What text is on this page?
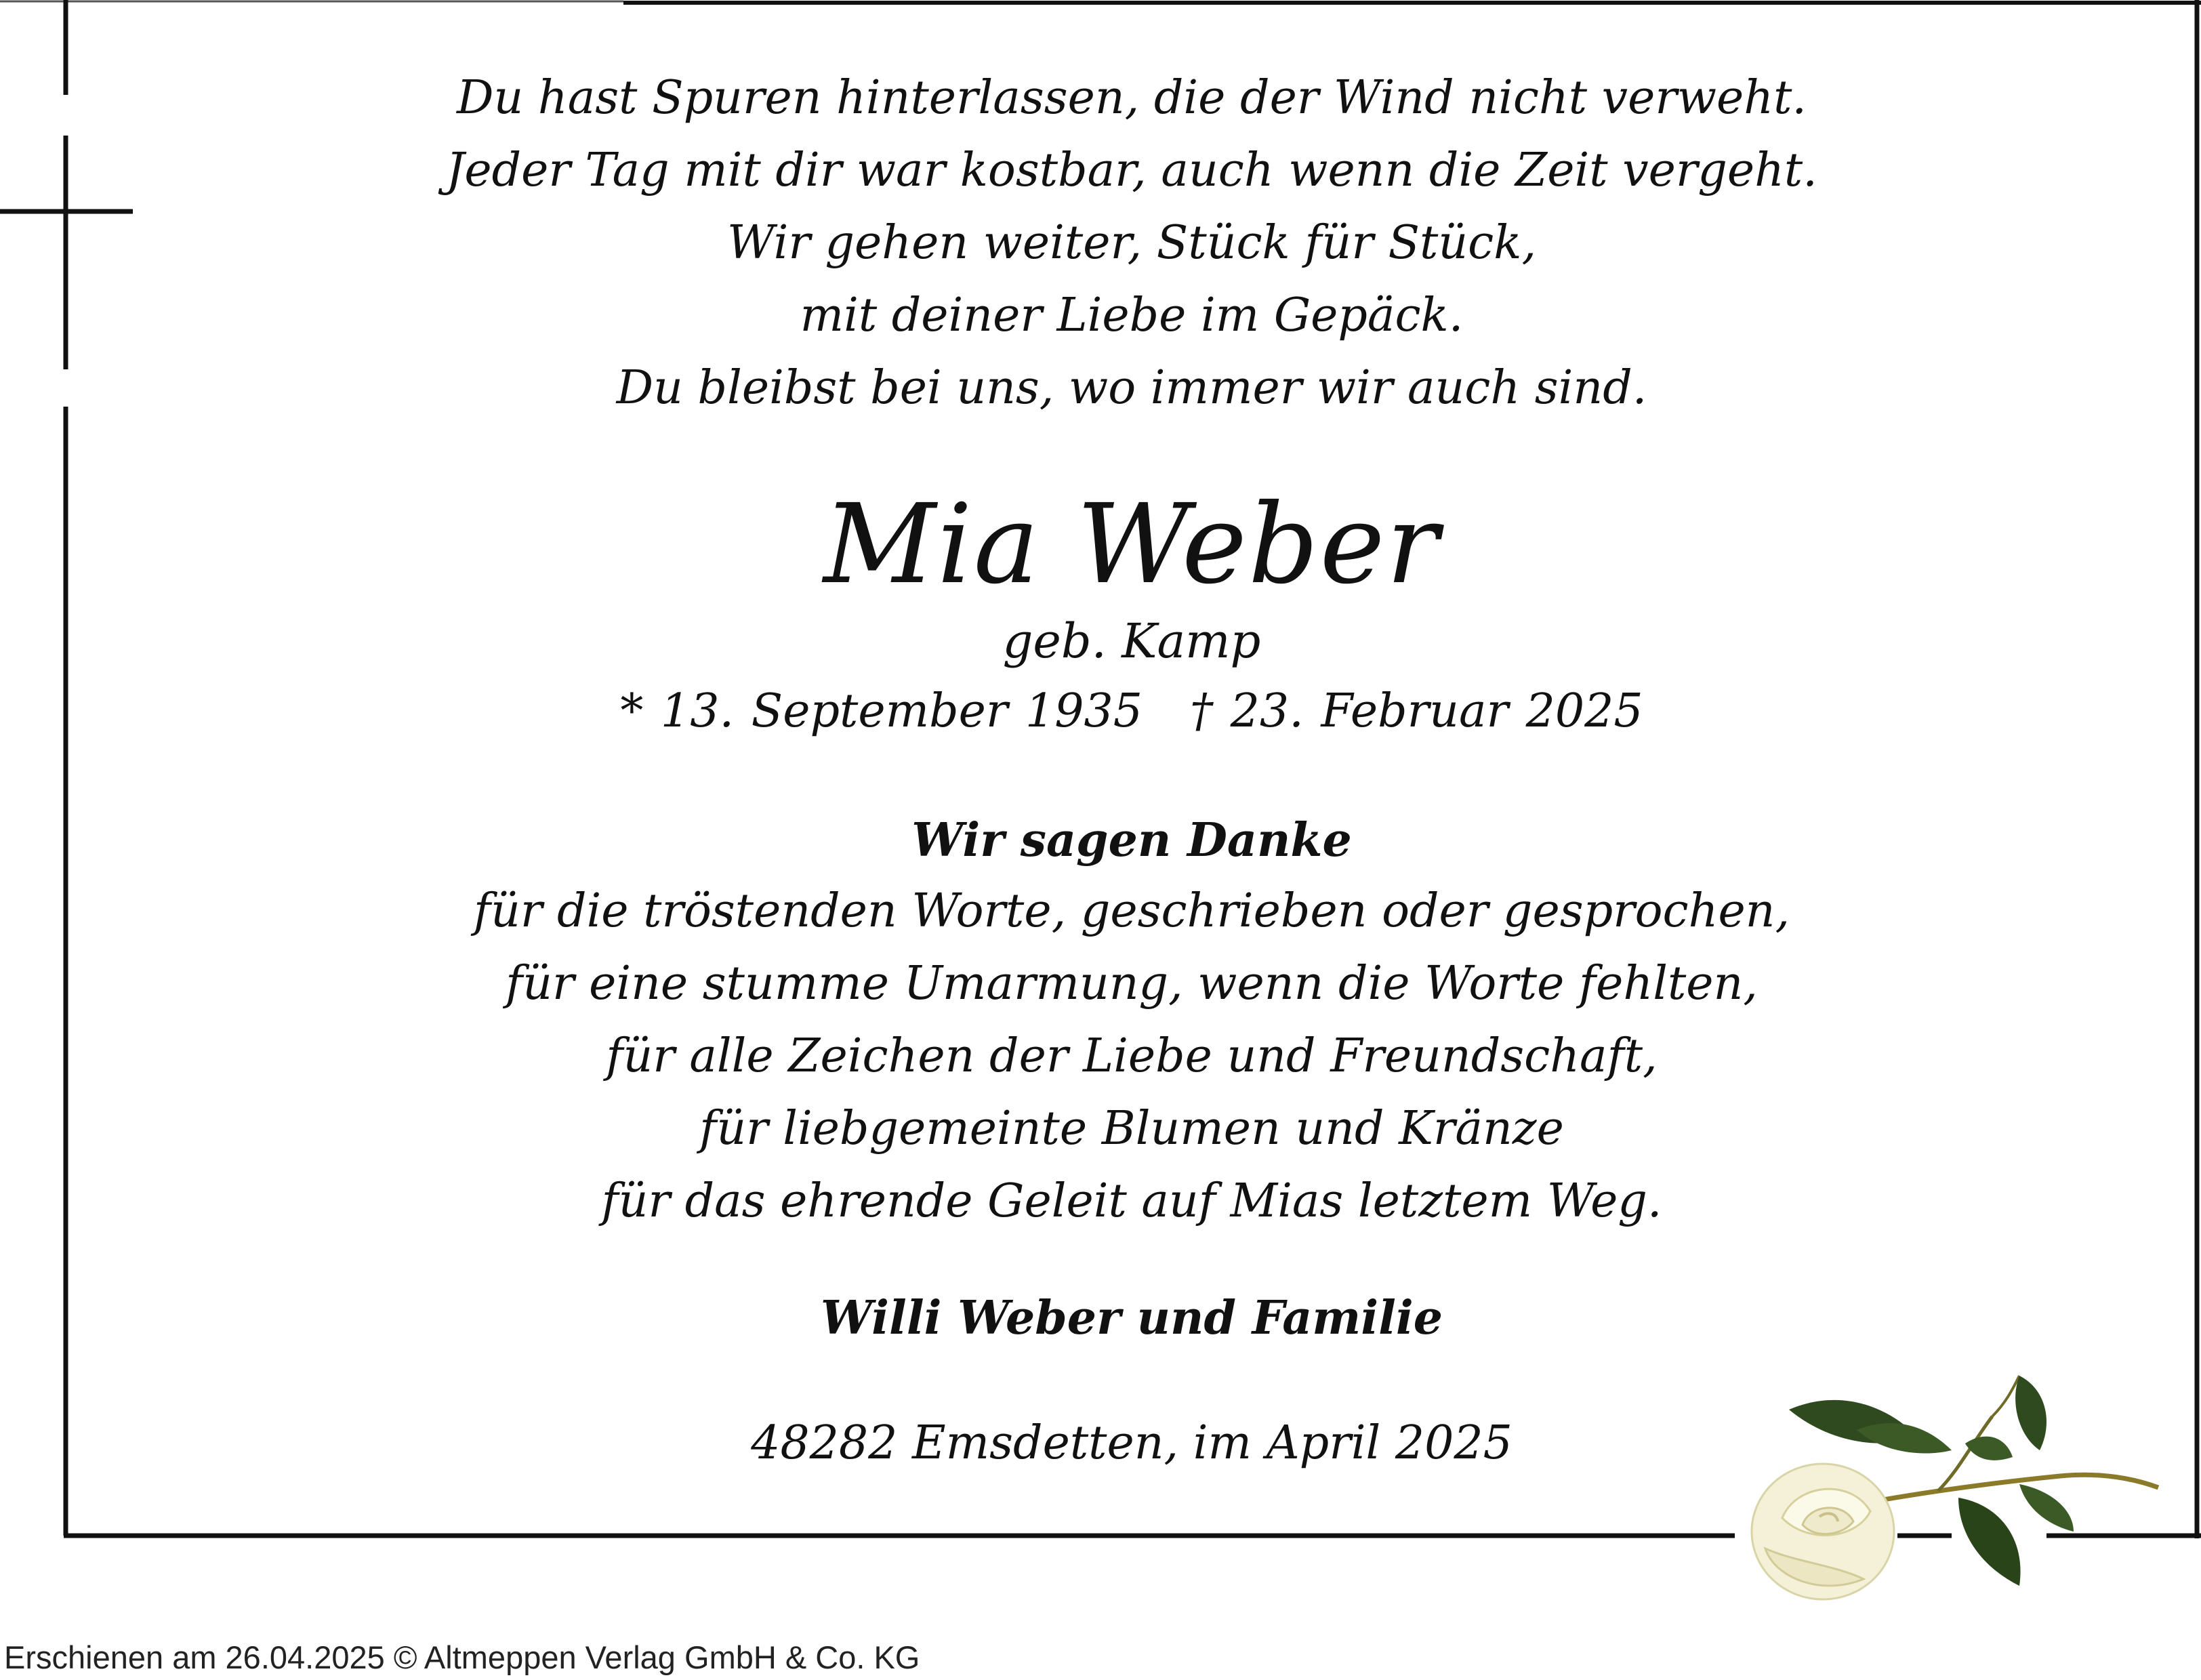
Du hast Spuren hinterlassen, die der Wind nicht verweht.
Jeder Tag mit dir war kostbar, auch wenn die Zeit vergeht.
Wir gehen weiter, Stück für Stück,
mit deiner Liebe im Gepäck.
Du bleibst bei uns, wo immer wir auch sind.
Mia Weber
geb. Kamp
* 13. September 1935 † 23. Februar 2025
Wir sagen Danke
für die tröstenden Worte, geschrieben oder gesprochen,
für eine stumme Umarmung, wenn die Worte fehlten,
für alle Zeichen der Liebe und Freundschaft,
für liebgemeinte Blumen und Kränze
für das ehrende Geleit auf Mias letztem Weg.
Willi Weber und Familie
48282 Emsdetten, im April 2025
Erschienen am 26.04.2025 © Altmeppen Verlag GmbH & Co. KG
